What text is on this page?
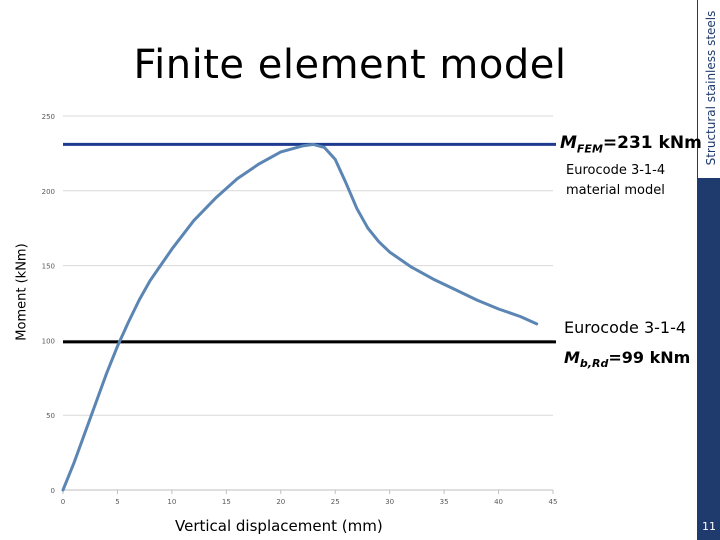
Finite element model	Structural stainless steels
11
0
50
100
150
200
250
0	5	10	15	20	25	30	35	40	45
Moment (kNm)
Vertical displacement (mm)
$M_{FEM}=231$ kNm
Eurocode 3-1-4
material model
Eurocode 3-1-4
$M_{b,Rd}=99$ kNm
